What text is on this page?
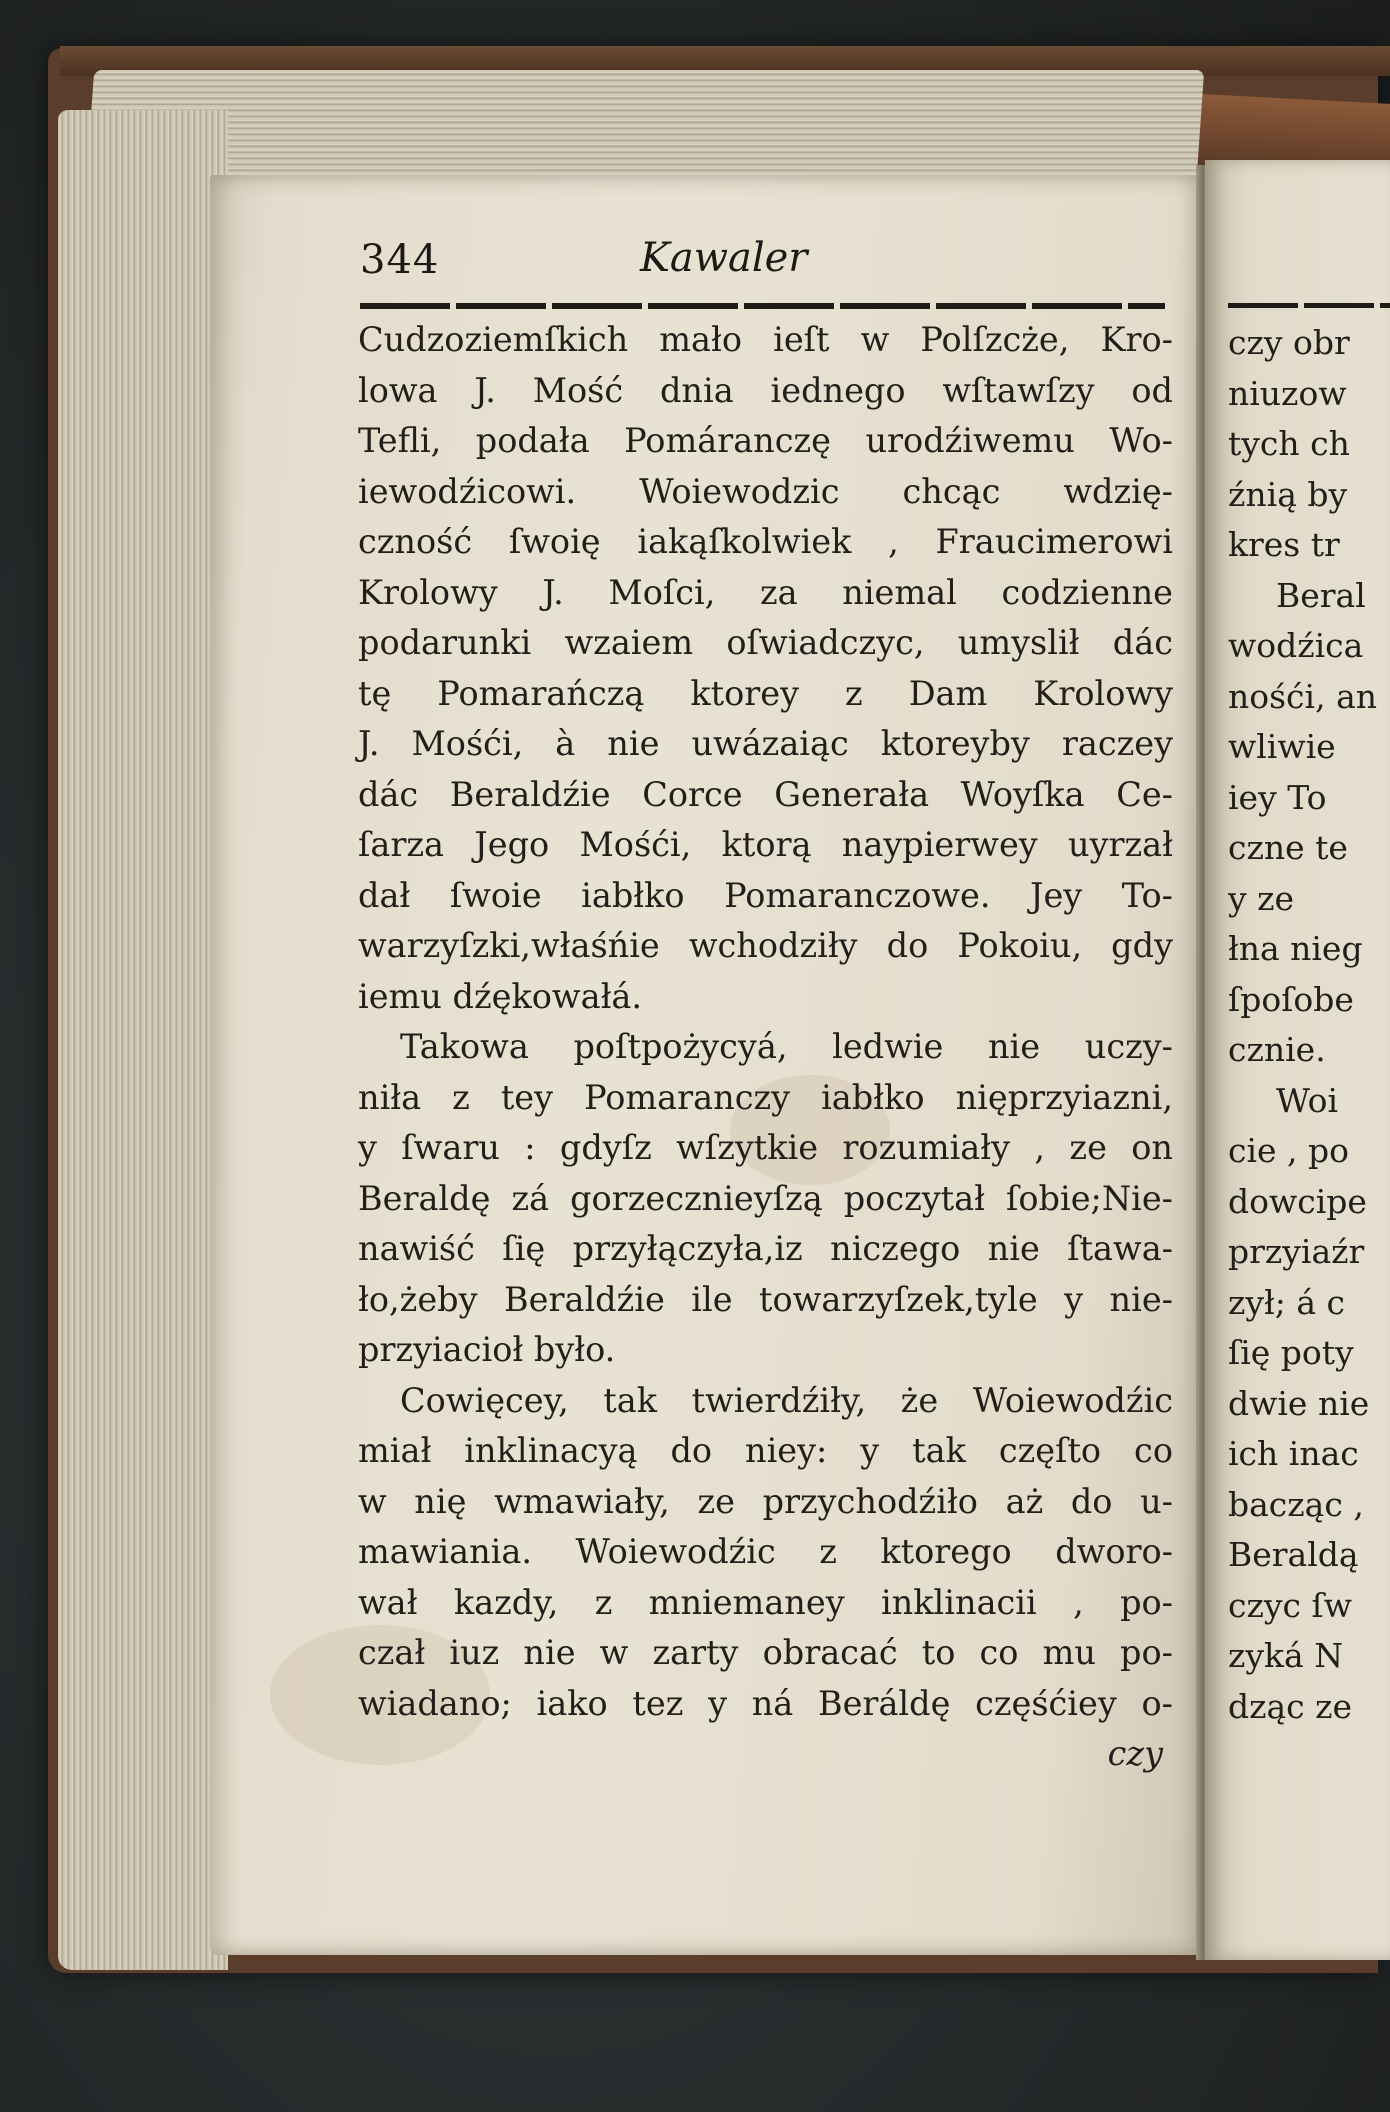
344	Kawaler
Cudzoziemſkich mało ieſt w Polſzcże, Kro-
lowa J. Mość dnia iednego wſtawſzy od
Tefli, podała Pomáranczę urodźiwemu Wo-
iewodźicowi. Woiewodzic chcąc wdzię-
czność ſwoię iakąſkolwiek , Fraucimerowi
Krolowy J. Moſci, za niemal codzienne
podarunki wzaiem oſwiadczyc, umyslił dác
tę Pomarańczą ktorey z Dam Krolowy
J. Mośći, à nie uwázaiąc ktoreyby raczey
dác Beraldźie Corce Generała Woyſka Ce-
ſarza Jego Mośći, ktorą naypierwey uyrzał
dał ſwoie iabłko Pomaranczowe. Jey To-
warzyſzki,właśńie wchodziły do Pokoiu, gdy
iemu dźękowałá.
Takowa poſtpożycyá, ledwie nie uczy-
niła z tey Pomaranczy iabłko nięprzyiazni,
y ſwaru : gdyſz wſzytkie rozumiały , ze on
Beraldę zá gorzecznieyſzą poczytał ſobie;Nie-
nawiść ſię przyłączyła,iz niczego nie ſtawa-
ło,żeby Beraldźie ile towarzyſzek,tyle y nie-
przyiacioł było.
Cowięcey, tak twierdźiły, że Woiewodźic
miał inklinacyą do niey: y tak częſto co
w nię wmawiały, ze przychodźiło aż do u-
mawiania. Woiewodźic z ktorego dworo-
wał kazdy, z mniemaney inklinacii , po-
czał iuz nie w zarty obracać to co mu po-
wiadano; iako tez y ná Beráldę częśćiey o-
czy
czy obr
niuzow
tych ch
źnią by
kres tr
Beral
wodźica
nośći, an
wliwie
iey To
czne te
y ze
łna nieg
ſpoſobe
cznie.
Woi
cie , po
dowcipe
przyiaźr
zył; á c
ſię poty
dwie nie
ich inac
bacząc ,
Beraldą
czyc ſw
zyká N
dząc ze
